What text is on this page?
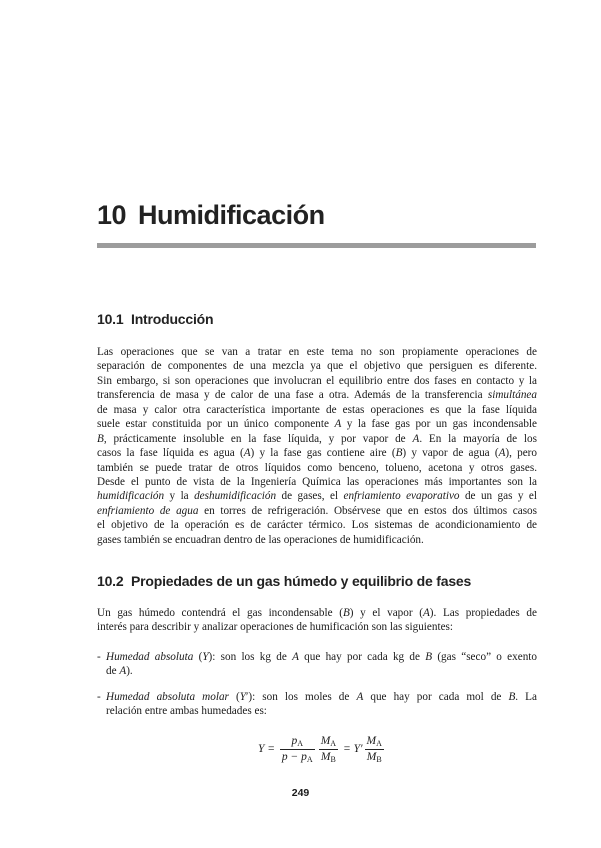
10 Humidificación
10.1 Introducción
Las operaciones que se van a tratar en este tema no son propiamente operaciones de
separación de componentes de una mezcla ya que el objetivo que persiguen es diferente.
Sin embargo, si son operaciones que involucran el equilibrio entre dos fases en contacto y la
transferencia de masa y de calor de una fase a otra. Además de la transferencia simultánea
de masa y calor otra característica importante de estas operaciones es que la fase líquida
suele estar constituida por un único componente A y la fase gas por un gas incondensable
B, prácticamente insoluble en la fase líquida, y por vapor de A. En la mayoría de los
casos la fase líquida es agua (A) y la fase gas contiene aire (B) y vapor de agua (A), pero
también se puede tratar de otros líquidos como benceno, tolueno, acetona y otros gases.
Desde el punto de vista de la Ingeniería Química las operaciones más importantes son la
humidificación y la deshumidificación de gases, el enfriamiento evaporativo de un gas y el
enfriamiento de agua en torres de refrigeración. Obsérvese que en estos dos últimos casos
el objetivo de la operación es de carácter térmico. Los sistemas de acondicionamiento de
gases también se encuadran dentro de las operaciones de humidificación.
10.2 Propiedades de un gas húmedo y equilibrio de fases
Un gas húmedo contendrá el gas incondensable (B) y el vapor (A). Las propiedades de
interés para describir y analizar operaciones de humificación son las siguientes:
- Humedad absoluta (Y): son los kg de A que hay por cada kg de B (gas “seco” o exento
de A).
- Humedad absoluta molar (Y′): son los moles de A que hay por cada mol de B. La
relación entre ambas humedades es:
$Y = \frac{p_A}{p - p_A} \frac{M_A}{M_B} = Y' \frac{M_A}{M_B}$
249
